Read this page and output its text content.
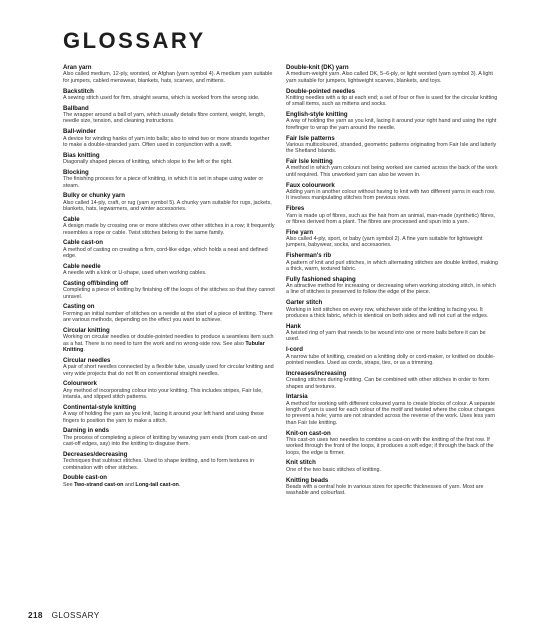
GLOSSARY
Aran yarn
Also called medium, 12-ply, worsted, or Afghan (yarn symbol 4). A medium yarn suitable for jumpers, cabled menswear, blankets, hats, scarves, and mittens.
Backstitch
A sewing stitch used for firm, straight seams, which is worked from the wrong side.
Ballband
The wrapper around a ball of yarn, which usually details fibre content, weight, length, needle size, tension, and cleaning instructions.
Ball-winder
A device for winding hanks of yarn into balls; also to wind two or more strands together to make a double-stranded yarn. Often used in conjunction with a swift.
Bias knitting
Diagonally shaped pieces of knitting, which slope to the left or the right.
Blocking
The finishing process for a piece of knitting, in which it is set in shape using water or steam.
Bulky or chunky yarn
Also called 14-ply, craft, or rug (yarn symbol 5). A chunky yarn suitable for rugs, jackets, blankets, hats, legwarmers, and winter accessories.
Cable
A design made by crossing one or more stitches over other stitches in a row; it frequently resembles a rope or cable. Twist stitches belong to the same family.
Cable cast-on
A method of casting on creating a firm, cord-like edge, which holds a neat and defined edge.
Cable needle
A needle with a kink or U-shape, used when working cables.
Casting off/binding off
Completing a piece of knitting by finishing off the loops of the stitches so that they cannot unravel.
Casting on
Forming an initial number of stitches on a needle at the start of a piece of knitting. There are various methods, depending on the effect you want to achieve.
Circular knitting
Working on circular needles or double-pointed needles to produce a seamless item such as a hat. There is no need to turn the work and no wrong-side row. See also Tubular Knitting.
Circular needles
A pair of short needles connected by a flexible tube, usually used for circular knitting and very wide projects that do not fit on conventional straight needles.
Colourwork
Any method of incorporating colour into your knitting. This includes stripes, Fair Isle, intarsia, and slipped stitch patterns.
Continental-style knitting
A way of holding the yarn as you knit, lacing it around your left hand and using these fingers to position the yarn to make a stitch.
Darning in ends
The process of completing a piece of knitting by weaving yarn ends (from cast-on and cast-off edges, say) into the knitting to disguise them.
Decreases/decreasing
Techniques that subtract stitches. Used to shape knitting, and to form textures in combination with other stitches.
Double cast-on
See Two-strand cast-on and Long-tail cast-on.
Double-knit (DK) yarn
A medium-weight yarn. Also called DK, 5–6-ply, or light worsted (yarn symbol 3). A light yarn suitable for jumpers, lightweight scarves, blankets, and toys.
Double-pointed needles
Knitting needles with a tip at each end; a set of four or five is used for the circular knitting of small items, such as mittens and socks.
English-style knitting
A way of holding the yarn as you knit, lacing it around your right hand and using the right forefinger to wrap the yarn around the needle.
Fair Isle patterns
Various multicoloured, stranded, geometric patterns originating from Fair Isle and latterly the Shetland Islands.
Fair Isle knitting
A method in which yarn colours not being worked are carried across the back of the work until required. This unworked yarn can also be woven in.
Faux colourwork
Adding yarn in another colour without having to knit with two different yarns in each row. It involves manipulating stitches from previous rows.
Fibres
Yarn is made up of fibres, such as the hair from an animal, man-made (synthetic) fibres, or fibres derived from a plant. The fibres are processed and spun into a yarn.
Fine yarn
Also called 4-ply, sport, or baby (yarn symbol 2). A fine yarn suitable for lightweight jumpers, babywear, socks, and accessories.
Fisherman's rib
A pattern of knit and purl stitches, in which alternating stitches are double knitted, making a thick, warm, textured fabric.
Fully fashioned shaping
An attractive method for increasing or decreasing when working stocking stitch, in which a line of stitches is preserved to follow the edge of the piece.
Garter stitch
Working in knit stitches on every row, whichever side of the knitting is facing you. It produces a thick fabric, which is identical on both sides and will not curl at the edges.
Hank
A twisted ring of yarn that needs to be wound into one or more balls before it can be used.
I-cord
A narrow tube of knitting, created on a knitting dolly or cord-maker, or knitted on double-pointed needles. Used as cords, straps, ties, or as a trimming.
Increases/increasing
Creating stitches during knitting. Can be combined with other stitches in order to form shapes and textures.
Intarsia
A method for working with different coloured yarns to create blocks of colour. A separate length of yarn is used for each colour of the motif and twisted where the colour changes to prevent a hole; yarns are not stranded across the reverse of the work. Uses less yarn than Fair Isle knitting.
Knit-on cast-on
This cast-on uses two needles to combine a cast-on with the knitting of the first row. If worked through the front of the loops, it produces a soft edge; if through the back of the loops, the edge is firmer.
Knit stitch
One of the two basic stitches of knitting.
Knitting beads
Beads with a central hole in various sizes for specific thicknesses of yarn. Most are washable and colourfast.
218 GLOSSARY
